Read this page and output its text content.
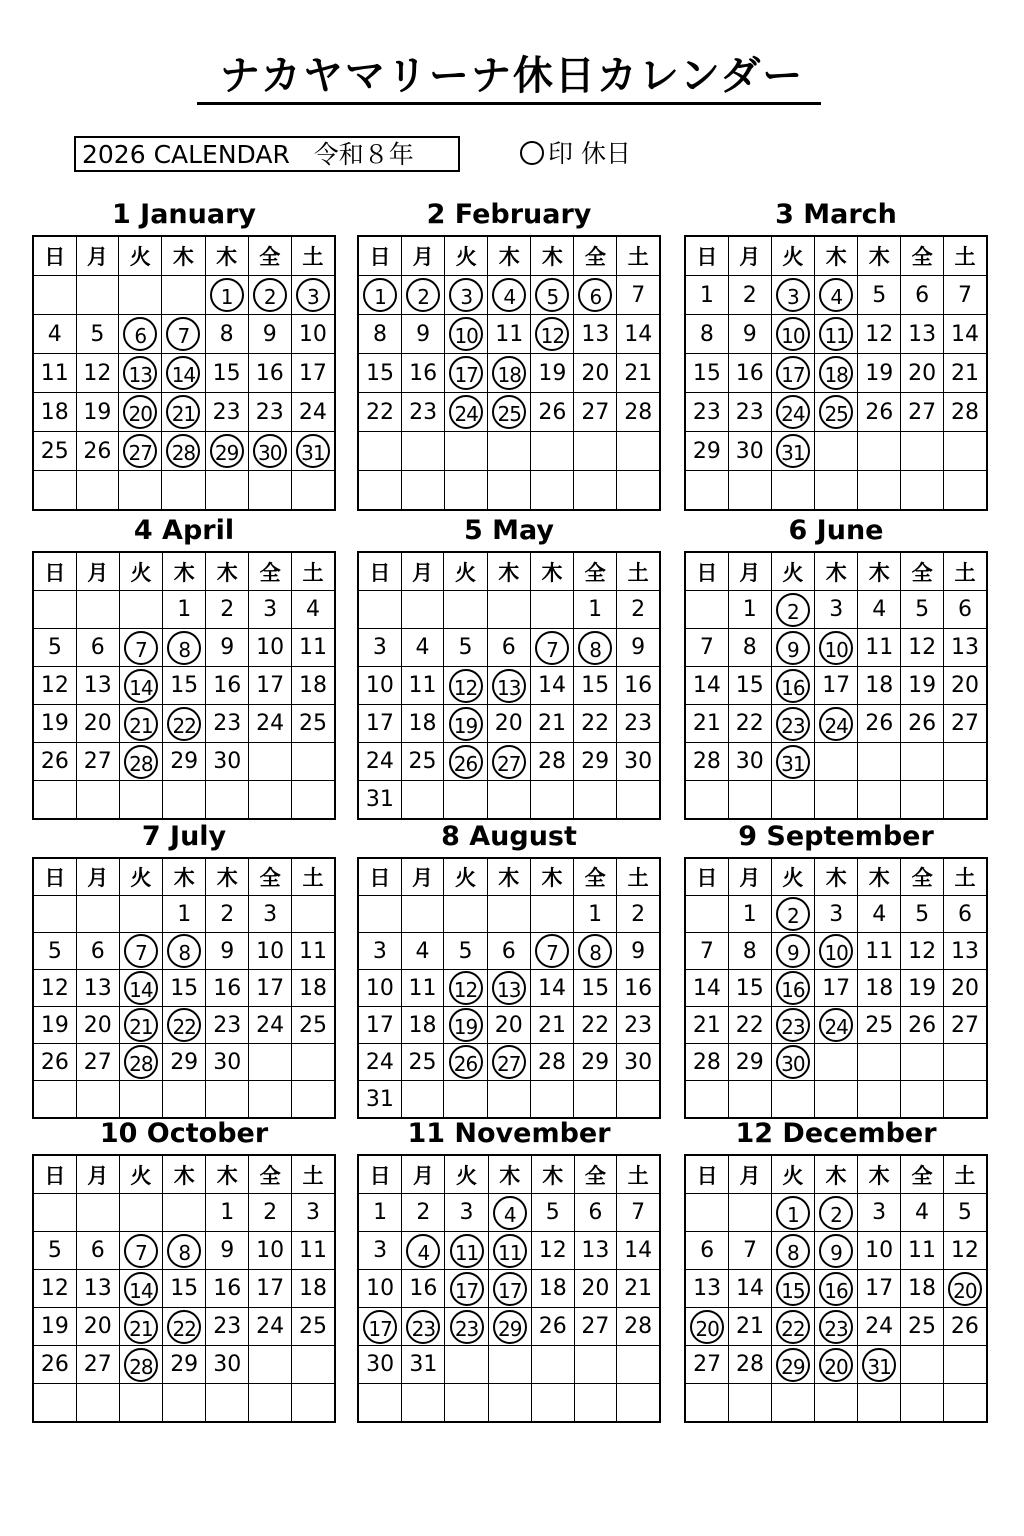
ナカヤマリーナ休日カレンダー
2026 CALENDAR 令和８年	印 休日
1 January
日	月	火	木	木	全	土
				1	2	3
4	5	6	7	8	9	10
11	12	13	14	15	16	17
18	19	20	21	23	23	24
25	26	27	28	29	30	31

2 February
日	月	火	木	木	全	土
1	2	3	4	5	6	7
8	9	10	11	12	13	14
15	16	17	18	19	20	21
22	23	24	25	26	27	28

3 March
日	月	火	木	木	全	土
1	2	3	4	5	6	7
8	9	10	11	12	13	14
15	16	17	18	19	20	21
23	23	24	25	26	27	28
29	30	31				

4 April
日	月	火	木	木	全	土
			1	2	3	4
5	6	7	8	9	10	11
12	13	14	15	16	17	18
19	20	21	22	23	24	25
26	27	28	29	30		

5 May
日	月	火	木	木	全	土
					1	2
3	4	5	6	7	8	9
10	11	12	13	14	15	16
17	18	19	20	21	22	23
24	25	26	27	28	29	30
31						
6 June
日	月	火	木	木	全	土
	1	2	3	4	5	6
7	8	9	10	11	12	13
14	15	16	17	18	19	20
21	22	23	24	26	26	27
28	30	31				

7 July
日	月	火	木	木	全	土
			1	2	3	
5	6	7	8	9	10	11
12	13	14	15	16	17	18
19	20	21	22	23	24	25
26	27	28	29	30		

8 August
日	月	火	木	木	全	土
					1	2
3	4	5	6	7	8	9
10	11	12	13	14	15	16
17	18	19	20	21	22	23
24	25	26	27	28	29	30
31						
9 September
日	月	火	木	木	全	土
	1	2	3	4	5	6
7	8	9	10	11	12	13
14	15	16	17	18	19	20
21	22	23	24	25	26	27
28	29	30				

10 October
日	月	火	木	木	全	土
				1	2	3
5	6	7	8	9	10	11
12	13	14	15	16	17	18
19	20	21	22	23	24	25
26	27	28	29	30		

11 November
日	月	火	木	木	全	土
1	2	3	4	5	6	7
3	4	11	11	12	13	14
10	16	17	17	18	20	21
17	23	23	29	26	27	28
30	31					

12 December
日	月	火	木	木	全	土
		1	2	3	4	5
6	7	8	9	10	11	12
13	14	15	16	17	18	20
20	21	22	23	24	25	26
27	28	29	20	31		
